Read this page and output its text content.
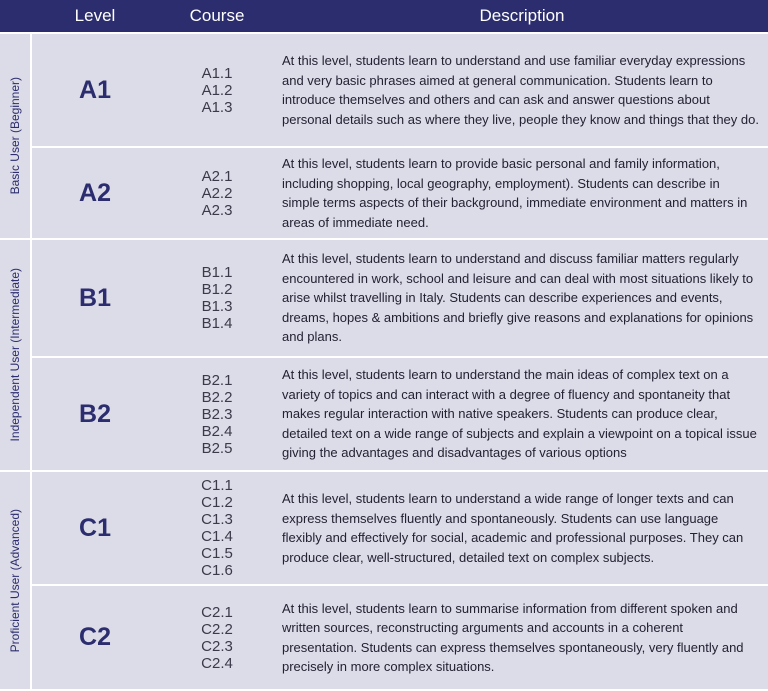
Level	Course	Description
Basic User (Beginner)
Independent User (Intermediate)
Proficient User (Advanced)
A1
A1.1
A1.2
A1.3
At this level, students learn to understand and use familiar everyday expressions and very basic phrases aimed at general communication. Students learn to introduce themselves and others and can ask and answer questions about personal details such as where they live, people they know and things that they do.
A2
A2.1
A2.2
A2.3
At this level, students learn to provide basic personal and family information, including shopping, local geography, employment). Students can describe in simple terms aspects of their background, immediate environment and matters in areas of immediate need.
B1
B1.1
B1.2
B1.3
B1.4
At this level, students learn to understand and discuss familiar matters regularly encountered in work, school and leisure and can deal with most situations likely to arise whilst travelling in Italy. Students can describe experiences and events, dreams, hopes & ambitions and briefly give reasons and explanations for opinions and plans.
B2
B2.1
B2.2
B2.3
B2.4
B2.5
At this level, students learn to understand the main ideas of complex text on a variety of topics and can interact with a degree of fluency and spontaneity that makes regular interaction with native speakers. Students can produce clear, detailed text on a wide range of subjects and explain a viewpoint on a topical issue giving the advantages and disadvantages of various options
C1
C1.1
C1.2
C1.3
C1.4
C1.5
C1.6
At this level, students learn to understand a wide range of longer texts and can express themselves fluently and spontaneously. Students can use language flexibly and effectively for social, academic and professional purposes. They can produce clear, well-structured, detailed text on complex subjects.
C2
C2.1
C2.2
C2.3
C2.4
At this level, students learn to summarise information from different spoken and written sources, reconstructing arguments and accounts in a coherent presentation. Students can express themselves spontaneously, very fluently and precisely in more complex situations.
